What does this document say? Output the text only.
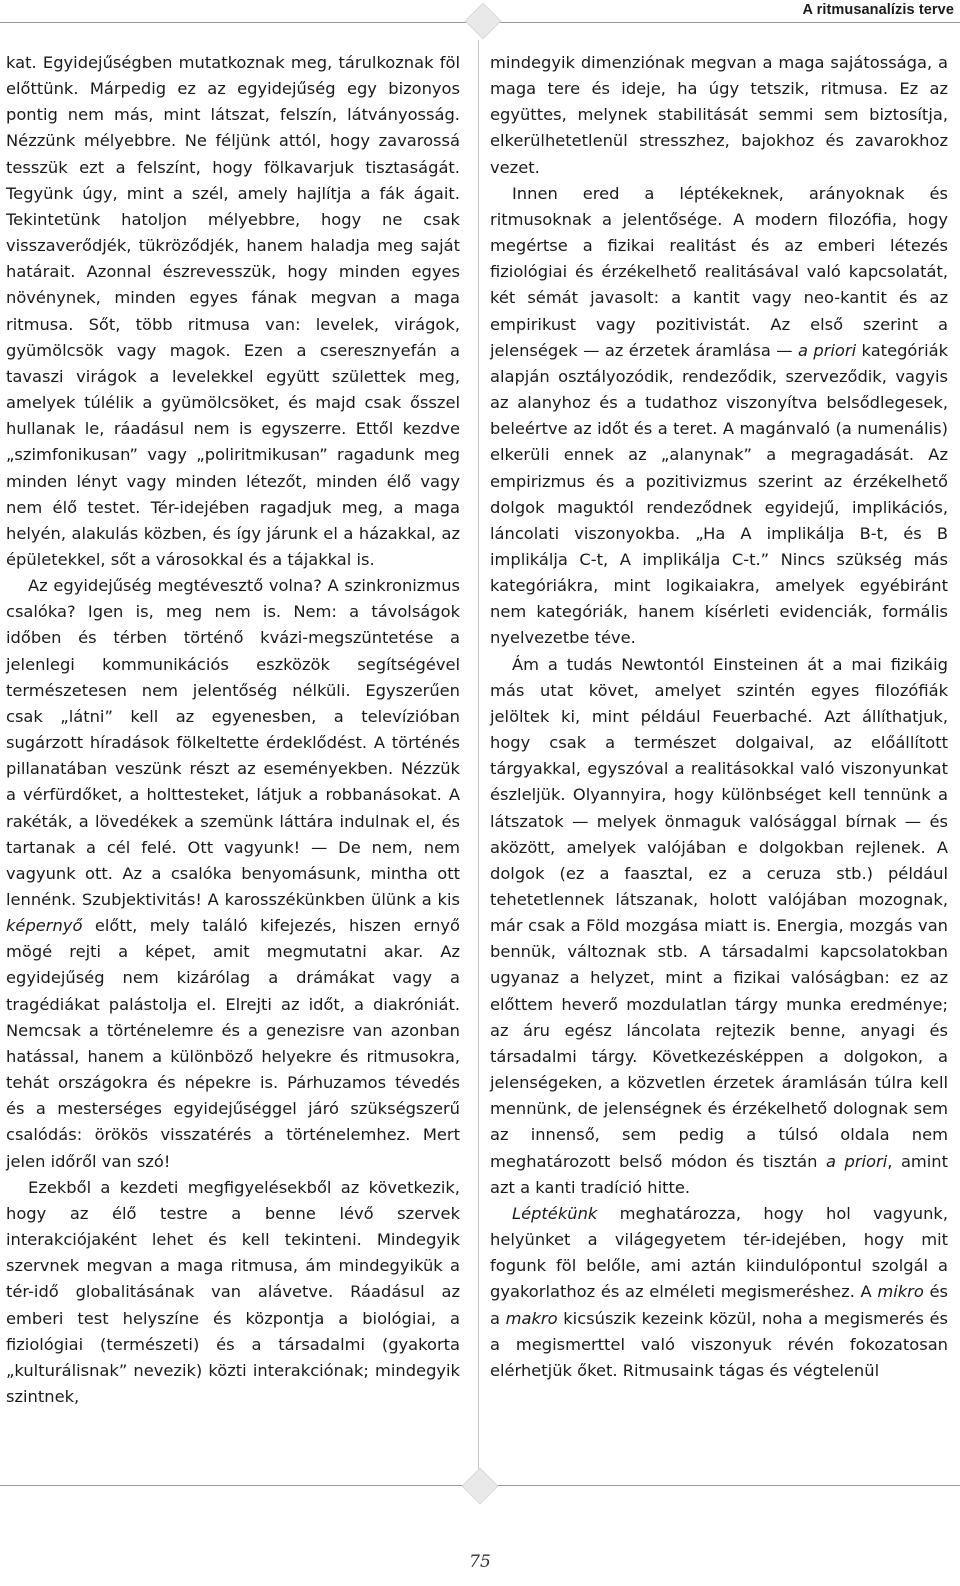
A ritmusanalízis terve

kat. Egyidejűségben mutatkoznak meg, tárulkoznak föl előttünk. Márpedig ez az egyidejűség egy bizonyos pontig nem más, mint látszat, felszín, látványosság. Nézzünk mélyebbre. Ne féljünk attól, hogy zavarossá tesszük ezt a felszínt, hogy fölkavarjuk tisztaságát. Tegyünk úgy, mint a szél, amely hajlítja a fák ágait. Tekintetünk hatoljon mélyebbre, hogy ne csak visszaverődjék, tükröződjék, hanem haladja meg saját határait. Azonnal észrevesszük, hogy minden egyes növénynek, minden egyes fának megvan a maga ritmusa. Sőt, több ritmusa van: levelek, virágok, gyümölcsök vagy magok. Ezen a cseresznyefán a tavaszi virágok a levelekkel együtt születtek meg, amelyek túlélik a gyümölcsöket, és majd csak ősszel hullanak le, ráadásul nem is egyszerre. Ettől kezdve „szimfonikusan” vagy „poliritmikusan” ragadunk meg minden lényt vagy minden létezőt, minden élő vagy nem élő testet. Tér-idejében ragadjuk meg, a maga helyén, alakulás közben, és így járunk el a házakkal, az épületekkel, sőt a városokkal és a tájakkal is.

Az egyidejűség megtévesztő volna? A szinkronizmus csalóka? Igen is, meg nem is. Nem: a távolságok időben és térben történő kvázi-megszüntetése a jelenlegi kommunikációs eszközök segítségével természetesen nem jelentőség nélküli. Egyszerűen csak „látni” kell az egyenesben, a televízióban sugárzott híradások fölkeltette érdeklődést. A történés pillanatában veszünk részt az eseményekben. Nézzük a vérfürdőket, a holttesteket, látjuk a robbanásokat. A rakéták, a lövedékek a szemünk láttára indulnak el, és tartanak a cél felé. Ott vagyunk! — De nem, nem vagyunk ott. Az a csalóka benyomásunk, mintha ott lennénk. Szubjektivitás! A karosszékünkben ülünk a kis képernyő előtt, mely találó kifejezés, hiszen ernyő mögé rejti a képet, amit megmutatni akar. Az egyidejűség nem kizárólag a drámákat vagy a tragédiákat palástolja el. Elrejti az időt, a diakróniát. Nemcsak a történelemre és a genezisre van azonban hatással, hanem a különböző helyekre és ritmusokra, tehát országokra és népekre is. Párhuzamos tévedés és a mesterséges egyidejűséggel járó szükségszerű csalódás: örökös visszatérés a történelemhez. Mert jelen időről van szó!

Ezekből a kezdeti megfigyelésekből az következik, hogy az élő testre a benne lévő szervek interakciójaként lehet és kell tekinteni. Mindegyik szervnek megvan a maga ritmusa, ám mindegyikük a tér-idő globalitásának van alávetve. Ráadásul az emberi test helyszíne és központja a biológiai, a fiziológiai (természeti) és a társadalmi (gyakorta „kulturálisnak” nevezik) közti interakciónak; mindegyik szintnek,

mindegyik dimenziónak megvan a maga sajátossága, a maga tere és ideje, ha úgy tetszik, ritmusa. Ez az együttes, melynek stabilitását semmi sem biztosítja, elkerülhetetlenül stresszhez, bajokhoz és zavarokhoz vezet.

Innen ered a léptékeknek, arányoknak és ritmusoknak a jelentősége. A modern filozófia, hogy megértse a fizikai realitást és az emberi létezés fiziológiai és érzékelhető realitásával való kapcsolatát, két sémát javasolt: a kantit vagy neo-kantit és az empirikust vagy pozitivistát. Az első szerint a jelenségek — az érzetek áramlása — a priori kategóriák alapján osztályozódik, rendeződik, szerveződik, vagyis az alanyhoz és a tudathoz viszonyítva belsődlegesek, beleértve az időt és a teret. A magánvaló (a numenális) elkerüli ennek az „alanynak” a megragadását. Az empirizmus és a pozitivizmus szerint az érzékelhető dolgok maguktól rendeződnek egyidejű, implikációs, láncolati viszonyokba. „Ha A implikálja B-t, és B implikálja C-t, A implikálja C-t.” Nincs szükség más kategóriákra, mint logikaiakra, amelyek egyébiránt nem kategóriák, hanem kísérleti evidenciák, formális nyelvezetbe téve.

Ám a tudás Newtontól Einsteinen át a mai fizikáig más utat követ, amelyet szintén egyes filozófiák jelöltek ki, mint például Feuerbaché. Azt állíthatjuk, hogy csak a természet dolgaival, az előállított tárgyakkal, egyszóval a realitásokkal való viszonyunkat észleljük. Olyannyira, hogy különbséget kell tennünk a látszatok — melyek önmaguk valósággal bírnak — és aközött, amelyek valójában e dolgokban rejlenek. A dolgok (ez a faasztal, ez a ceruza stb.) például tehetetlennek látszanak, holott valójában mozognak, már csak a Föld mozgása miatt is. Energia, mozgás van bennük, változnak stb. A társadalmi kapcsolatokban ugyanaz a helyzet, mint a fizikai valóságban: ez az előttem heverő mozdulatlan tárgy munka eredménye; az áru egész láncolata rejtezik benne, anyagi és társadalmi tárgy. Következésképpen a dolgokon, a jelenségeken, a közvetlen érzetek áramlásán túlra kell mennünk, de jelenségnek és érzékelhető dolognak sem az innenső, sem pedig a túlsó oldala nem meghatározott belső módon és tisztán a priori, amint azt a kanti tradíció hitte.

Léptékünk meghatározza, hogy hol vagyunk, helyünket a világegyetem tér-idejében, hogy mit fogunk föl belőle, ami aztán kiindulópontul szolgál a gyakorlathoz és az elméleti megismeréshez. A mikro és a makro kicsúszik kezeink közül, noha a megismerés és a megismerttel való viszonyuk révén fokozatosan elérhetjük őket. Ritmusaink tágas és végtelenül

75
